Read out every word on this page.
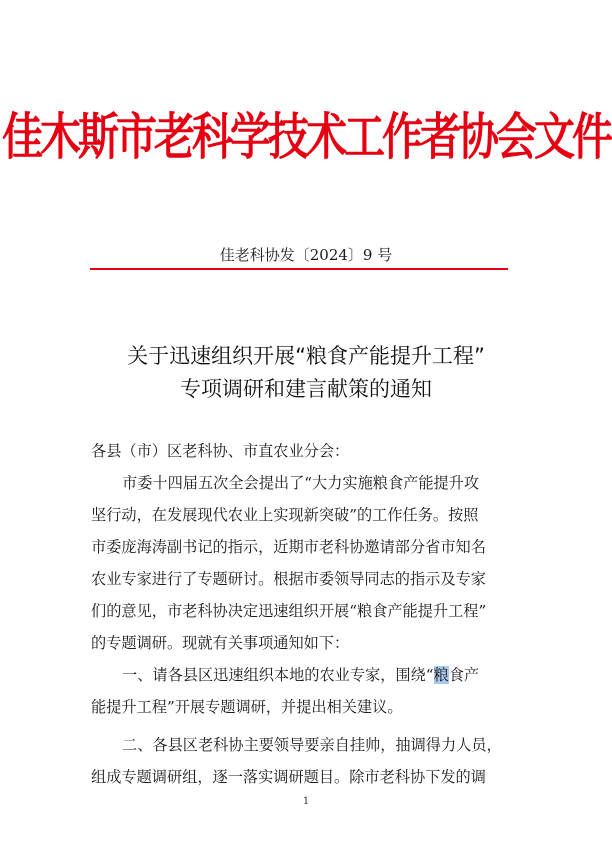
佳木斯市老科学技术工作者协会文件
佳老科协发〔2024〕9 号
关于迅速组织开展“粮食产能提升工程”
专项调研和建言献策的通知
各县（市）区老科协、市直农业分会：
市委十四届五次全会提出了“大力实施粮食产能提升攻
坚行动，在发展现代农业上实现新突破”的工作任务。按照
市委庞海涛副书记的指示，近期市老科协邀请部分省市知名
农业专家进行了专题研讨。根据市委领导同志的指示及专家
们的意见，市老科协决定迅速组织开展“粮食产能提升工程”
的专题调研。现就有关事项通知如下：
一、请各县区迅速组织本地的农业专家，围绕“粮食产
能提升工程”开展专题调研，并提出相关建议。
二、各县区老科协主要领导要亲自挂帅，抽调得力人员，
组成专题调研组，逐一落实调研题目。除市老科协下发的调
1
